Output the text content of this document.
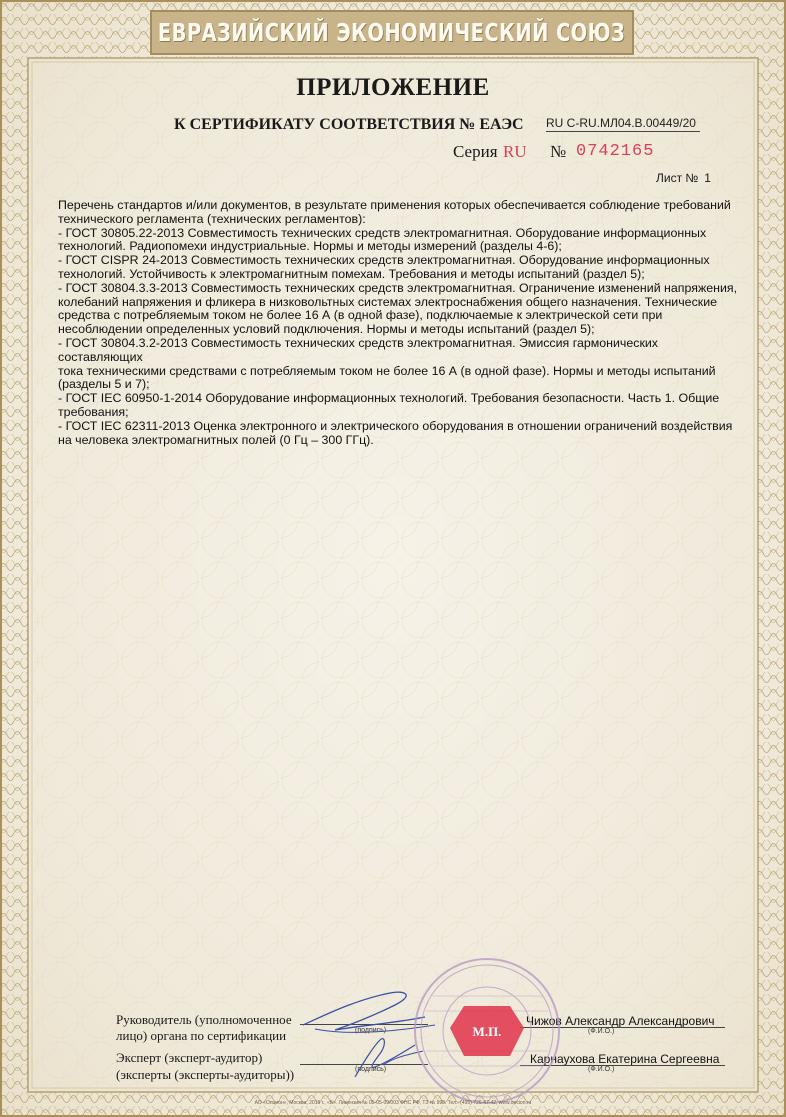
ЕВРАЗИЙСКИЙ ЭКОНОМИЧЕСКИЙ СОЮЗ
ПРИЛОЖЕНИЕ
К СЕРТИФИКАТУ СООТВЕТСТВИЯ № ЕАЭС RU С-RU.МЛ04.В.00449/20
Серия RU № 0742165
Лист № 1

Перечень стандартов и/или документов, в результате применения которых обеспечивается соблюдение требований

технического регламента (технических регламентов):

- ГОСТ 30805.22-2013 Совместимость технических средств электромагнитная. Оборудование информационных

технологий. Радиопомехи индустриальные. Нормы и методы измерений (разделы 4-6);

- ГОСТ CISPR 24-2013 Совместимость технических средств электромагнитная. Оборудование информационных

технологий. Устойчивость к электромагнитным помехам. Требования и методы испытаний (раздел 5);

- ГОСТ 30804.3.3-2013 Совместимость технических средств электромагнитная. Ограничение изменений напряжения,

колебаний напряжения и фликера в низковольтных системах электроснабжения общего назначения. Технические

средства с потребляемым током не более 16 А (в одной фазе), подключаемые к электрической сети при

несоблюдении определенных условий подключения. Нормы и методы испытаний (раздел 5);

- ГОСТ 30804.3.2-2013 Совместимость технических средств электромагнитная. Эмиссия гармонических составляющих

тока техническими средствами с потребляемым током не более 16 А (в одной фазе). Нормы и методы испытаний

(разделы 5 и 7);

- ГОСТ IEC 60950-1-2014 Оборудование информационных технологий. Требования безопасности. Часть 1. Общие

требования;

- ГОСТ IEC 62311-2013 Оценка электронного и электрического оборудования в отношении ограничений воздействия

на человека электромагнитных полей (0 Гц – 300 ГГц).

Руководитель (уполномоченное
лицо) органа по сертификации	(подпись)
Чижов Александр Александрович
(Ф.И.О.)
Эксперт (эксперт-аудитор)
(эксперты (эксперты-аудиторы))	(подпись)
Карнаухова Екатерина Сергеевна
(Ф.И.О.)
М.П.
АО «Опцион», Москва, 2019 г., «Б». Лицензия № 05-05-09/003 ФНС РФ, ТЗ № 998. Тел.: (495) 726-47-42, www.opcion.ru
